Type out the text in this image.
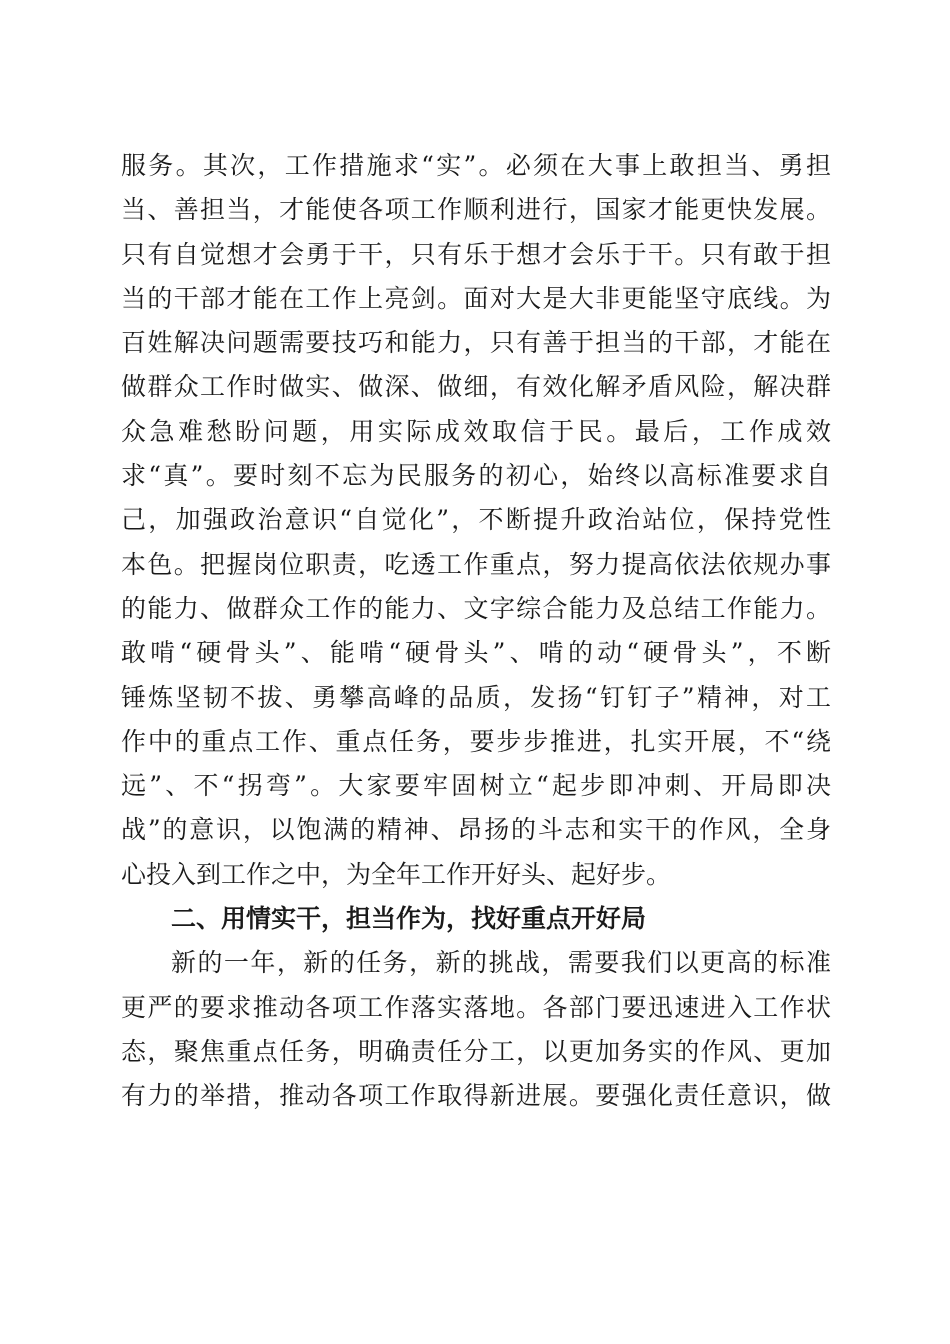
服务。其次，工作措施求“实”。必须在大事上敢担当、勇担
当、善担当，才能使各项工作顺利进行，国家才能更快发展。
只有自觉想才会勇于干，只有乐于想才会乐于干。只有敢于担
当的干部才能在工作上亮剑。面对大是大非更能坚守底线。为
百姓解决问题需要技巧和能力，只有善于担当的干部，才能在
做群众工作时做实、做深、做细，有效化解矛盾风险，解决群
众急难愁盼问题，用实际成效取信于民。最后，工作成效
求“真”。要时刻不忘为民服务的初心，始终以高标准要求自
己，加强政治意识“自觉化”，不断提升政治站位，保持党性
本色。把握岗位职责，吃透工作重点，努力提高依法依规办事
的能力、做群众工作的能力、文字综合能力及总结工作能力。
敢啃“硬骨头”、能啃“硬骨头”、啃的动“硬骨头”，不断
锤炼坚韧不拔、勇攀高峰的品质，发扬“钉钉子”精神，对工
作中的重点工作、重点任务，要步步推进，扎实开展，不“绕
远”、不“拐弯”。大家要牢固树立“起步即冲刺、开局即决
战”的意识，以饱满的精神、昂扬的斗志和实干的作风，全身
心投入到工作之中，为全年工作开好头、起好步。
二、用情实干，担当作为，找好重点开好局
新的一年，新的任务，新的挑战，需要我们以更高的标准
更严的要求推动各项工作落实落地。各部门要迅速进入工作状
态，聚焦重点任务，明确责任分工，以更加务实的作风、更加
有力的举措，推动各项工作取得新进展。要强化责任意识，做
